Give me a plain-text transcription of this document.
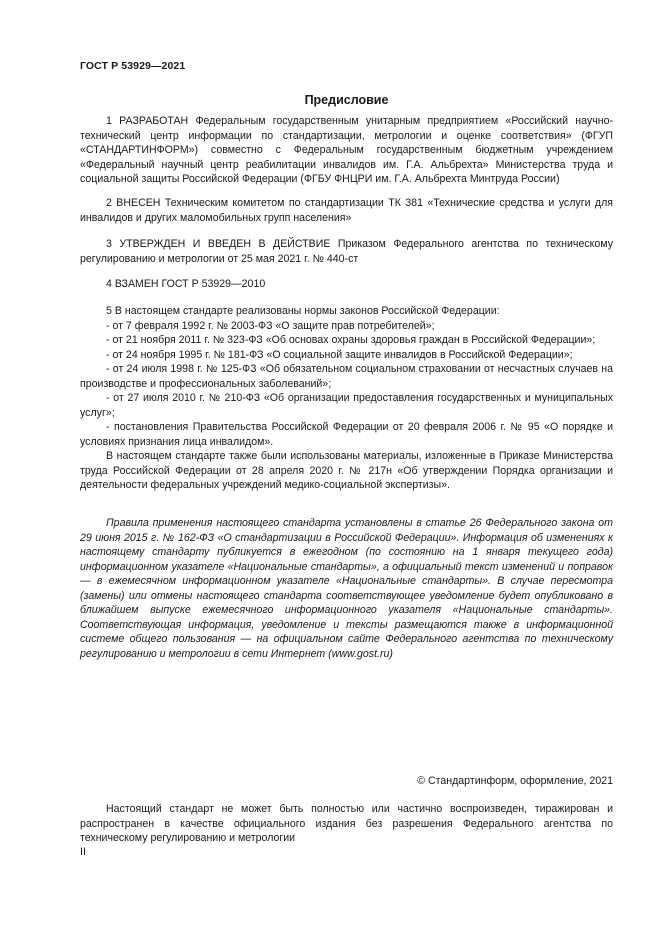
ГОСТ Р 53929—2021
Предисловие

1 РАЗРАБОТАН Федеральным государственным унитарным предприятием «Российский научно-технический центр информации по стандартизации, метрологии и оценке соответствия» (ФГУП «СТАНДАРТИНФОРМ») совместно с Федеральным государственным бюджетным учреждением «Федеральный научный центр реабилитации инвалидов им. Г.А. Альбрехта» Министерства труда и социальной защиты Российской Федерации (ФГБУ ФНЦРИ им. Г.А. Альбрехта Минтруда России)

2 ВНЕСЕН Техническим комитетом по стандартизации ТК 381 «Технические средства и услуги для инвалидов и других маломобильных групп населения»

3 УТВЕРЖДЕН И ВВЕДЕН В ДЕЙСТВИЕ Приказом Федерального агентства по техническому регулированию и метрологии от 25 мая 2021 г. № 440-ст

4 ВЗАМЕН ГОСТ Р 53929—2010

5 В настоящем стандарте реализованы нормы законов Российской Федерации:
- от 7 февраля 1992 г. № 2003-ФЗ «О защите прав потребителей»;
- от 21 ноября 2011 г. № 323-ФЗ «Об основах охраны здоровья граждан в Российской Федерации»;
- от 24 ноября 1995 г. № 181-ФЗ «О социальной защите инвалидов в Российской Федерации»;
- от 24 июля 1998 г. № 125-ФЗ «Об обязательном социальном страховании от несчастных случаев на производстве и профессиональных заболеваний»;
- от 27 июля 2010 г. № 210-ФЗ «Об организации предоставления государственных и муниципальных услуг»;
- постановления Правительства Российской Федерации от 20 февраля 2006 г. № 95 «О порядке и условиях признания лица инвалидом».
В настоящем стандарте также были использованы материалы, изложенные в Приказе Министерства труда Российской Федерации от 28 апреля 2020 г. № 217н «Об утверждении Порядка организации и деятельности федеральных учреждений медико-социальной экспертизы».

Правила применения настоящего стандарта установлены в статье 26 Федерального закона от 29 июня 2015 г. № 162-ФЗ «О стандартизации в Российской Федерации». Информация об изменениях к настоящему стандарту публикуется в ежегодном (по состоянию на 1 января текущего года) информационном указателе «Национальные стандарты», а официальный текст изменений и поправок — в ежемесячном информационном указателе «Национальные стандарты». В случае пересмотра (замены) или отмены настоящего стандарта соответствующее уведомление будет опубликовано в ближайшем выпуске ежемесячного информационного указателя «Национальные стандарты». Соответствующая информация, уведомление и тексты размещаются также в информационной системе общего пользования — на официальном сайте Федерального агентства по техническому регулированию и метрологии в сети Интернет (www.gost.ru)

© Стандартинформ, оформление, 2021

Настоящий стандарт не может быть полностью или частично воспроизведен, тиражирован и распространен в качестве официального издания без разрешения Федерального агентства по техническому регулированию и метрологии

II
